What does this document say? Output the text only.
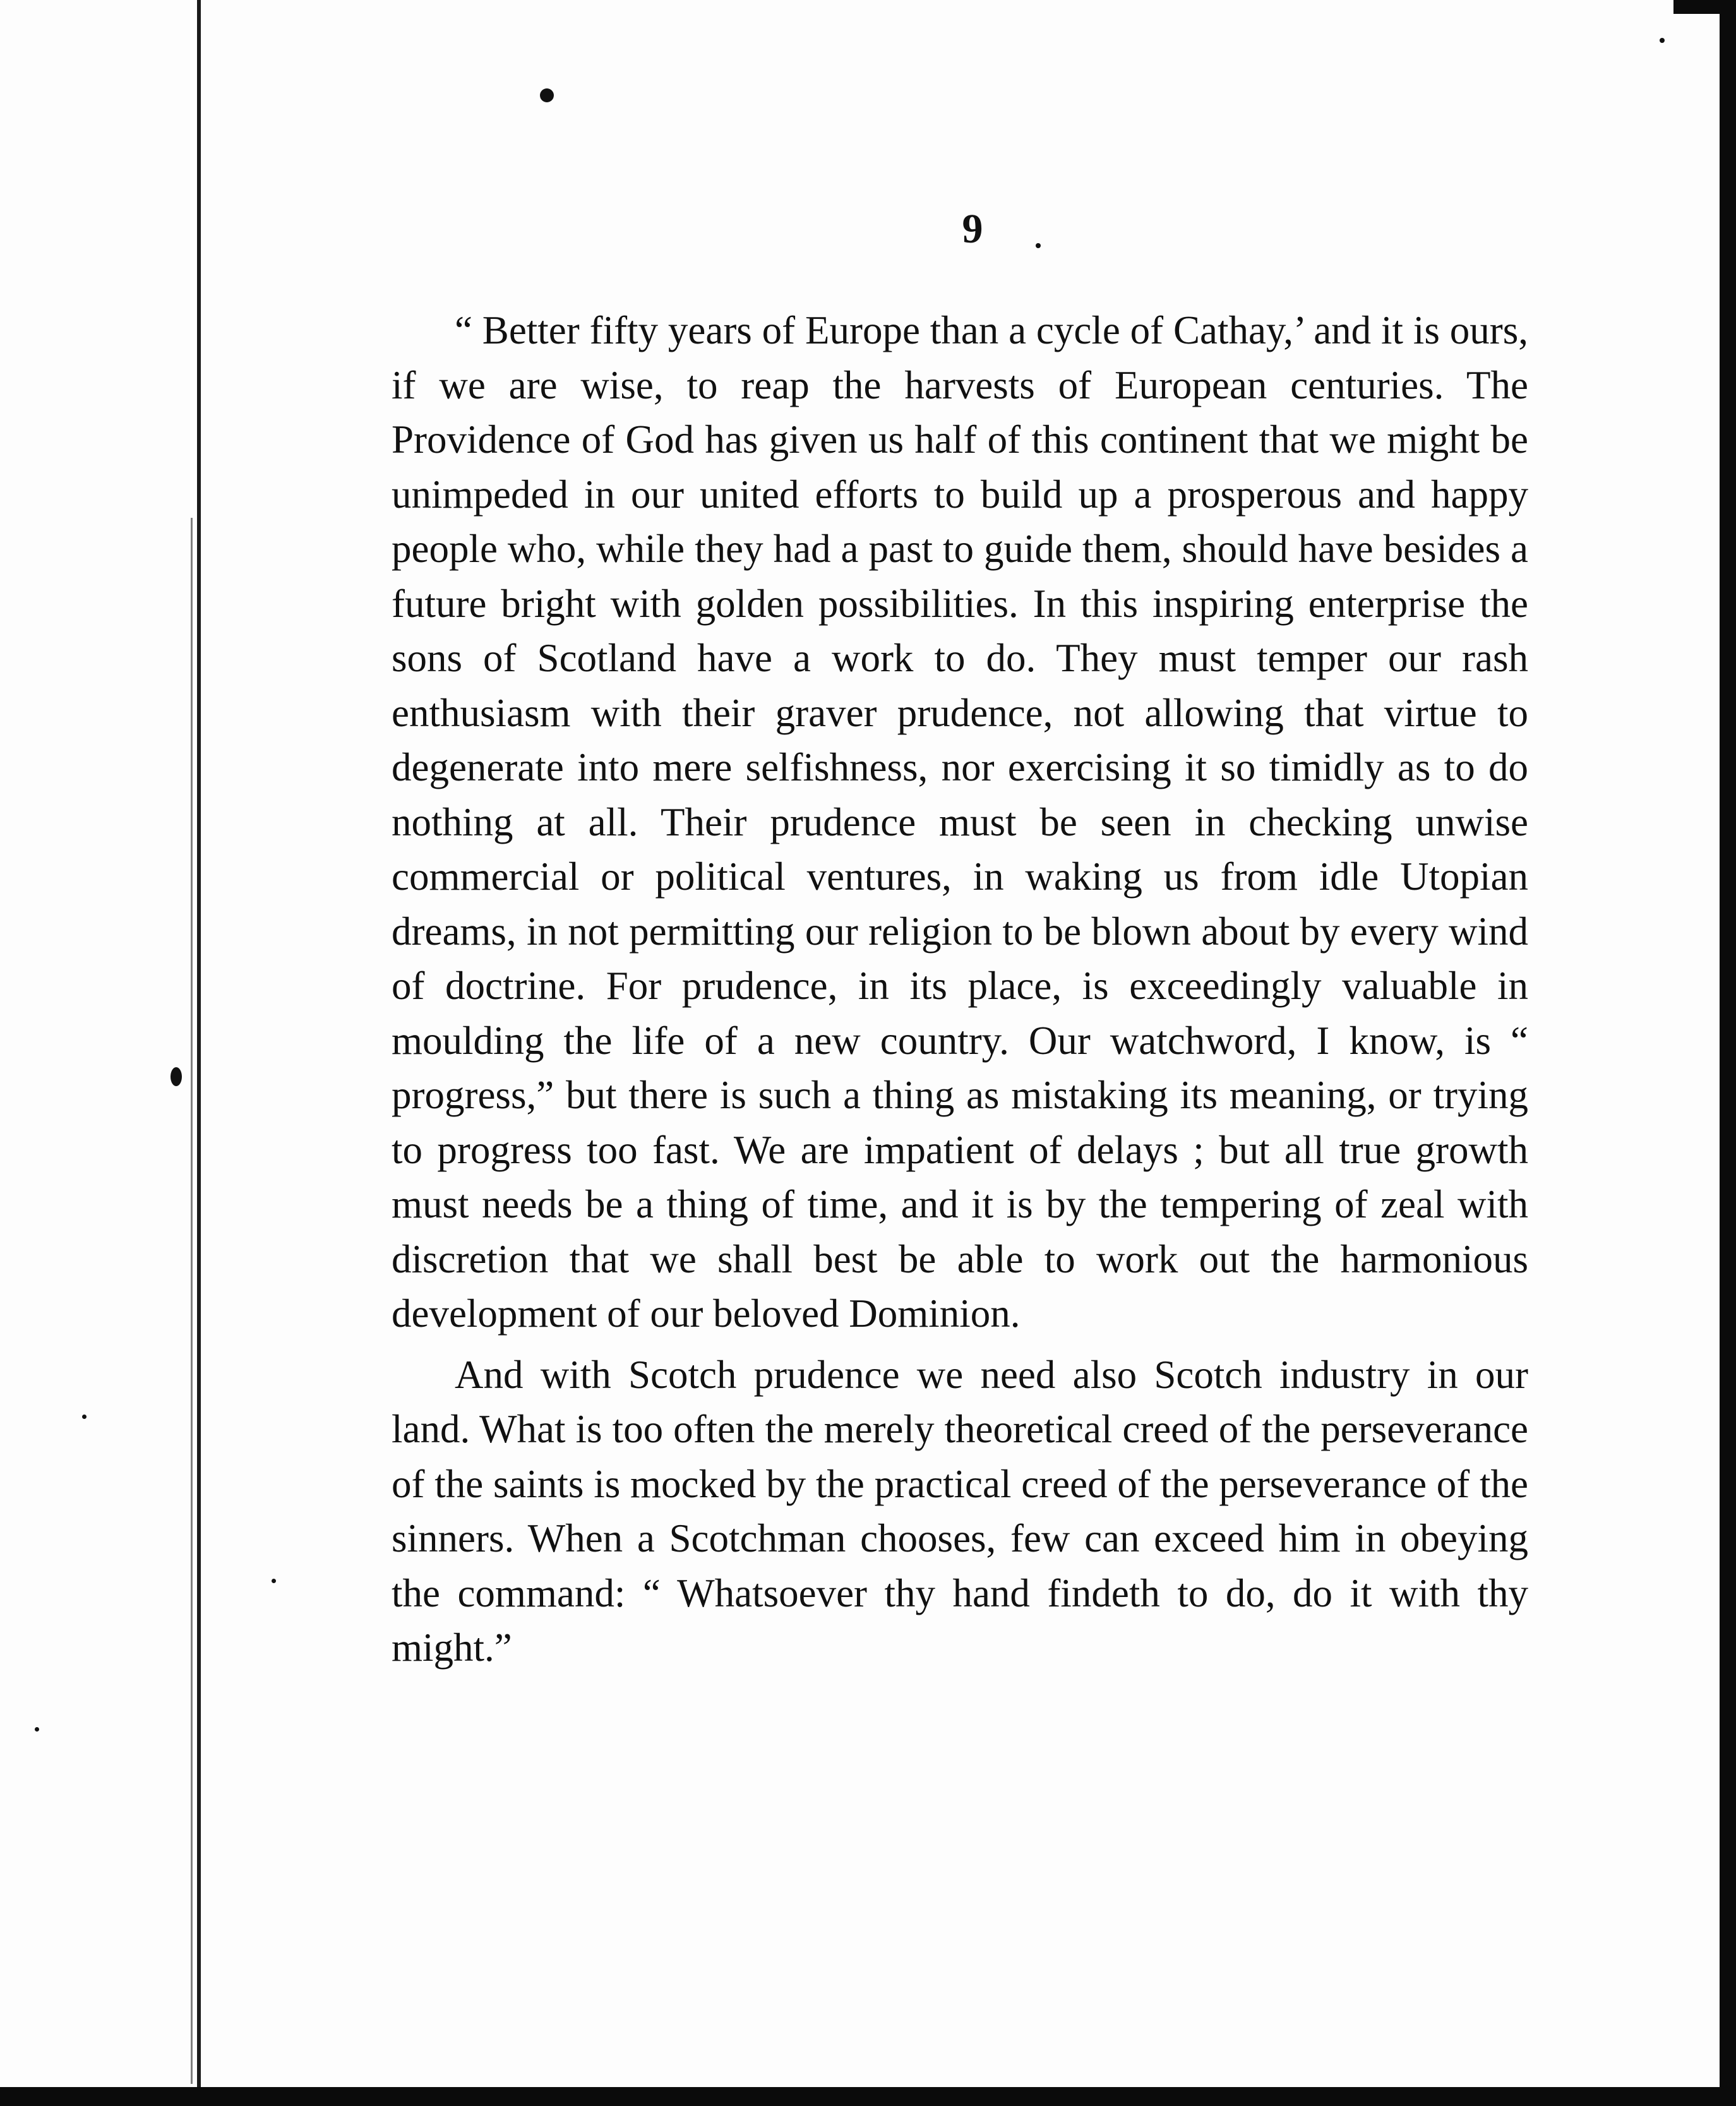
9

“ Better fifty years of Europe than a cycle of Cathay,’ and it is ours, if we are wise, to reap the harvests of European centuries. The Providence of God has given us half of this continent that we might be unimpeded in our united efforts to build up a prosperous and happy people who, while they had a past to guide them, should have besides a future bright with golden possibilities. In this inspiring enterprise the sons of Scotland have a work to do. They must temper our rash enthusiasm with their graver prudence, not allowing that virtue to degenerate into mere selfishness, nor exercising it so timidly as to do nothing at all. Their prudence must be seen in checking unwise commercial or political ventures, in waking us from idle Utopian dreams, in not permitting our religion to be blown about by every wind of doctrine. For prudence, in its place, is exceedingly valuable in moulding the life of a new country. Our watchword, I know, is “ progress,” but there is such a thing as mistaking its meaning, or trying to progress too fast. We are impatient of delays ; but all true growth must needs be a thing of time, and it is by the tempering of zeal with discretion that we shall best be able to work out the harmonious development of our beloved Dominion.

And with Scotch prudence we need also Scotch industry in our land. What is too often the merely theoretical creed of the perseverance of the saints is mocked by the practical creed of the perseverance of the sinners. When a Scotchman chooses, few can exceed him in obeying the command: “ Whatsoever thy hand findeth to do, do it with thy might.”
